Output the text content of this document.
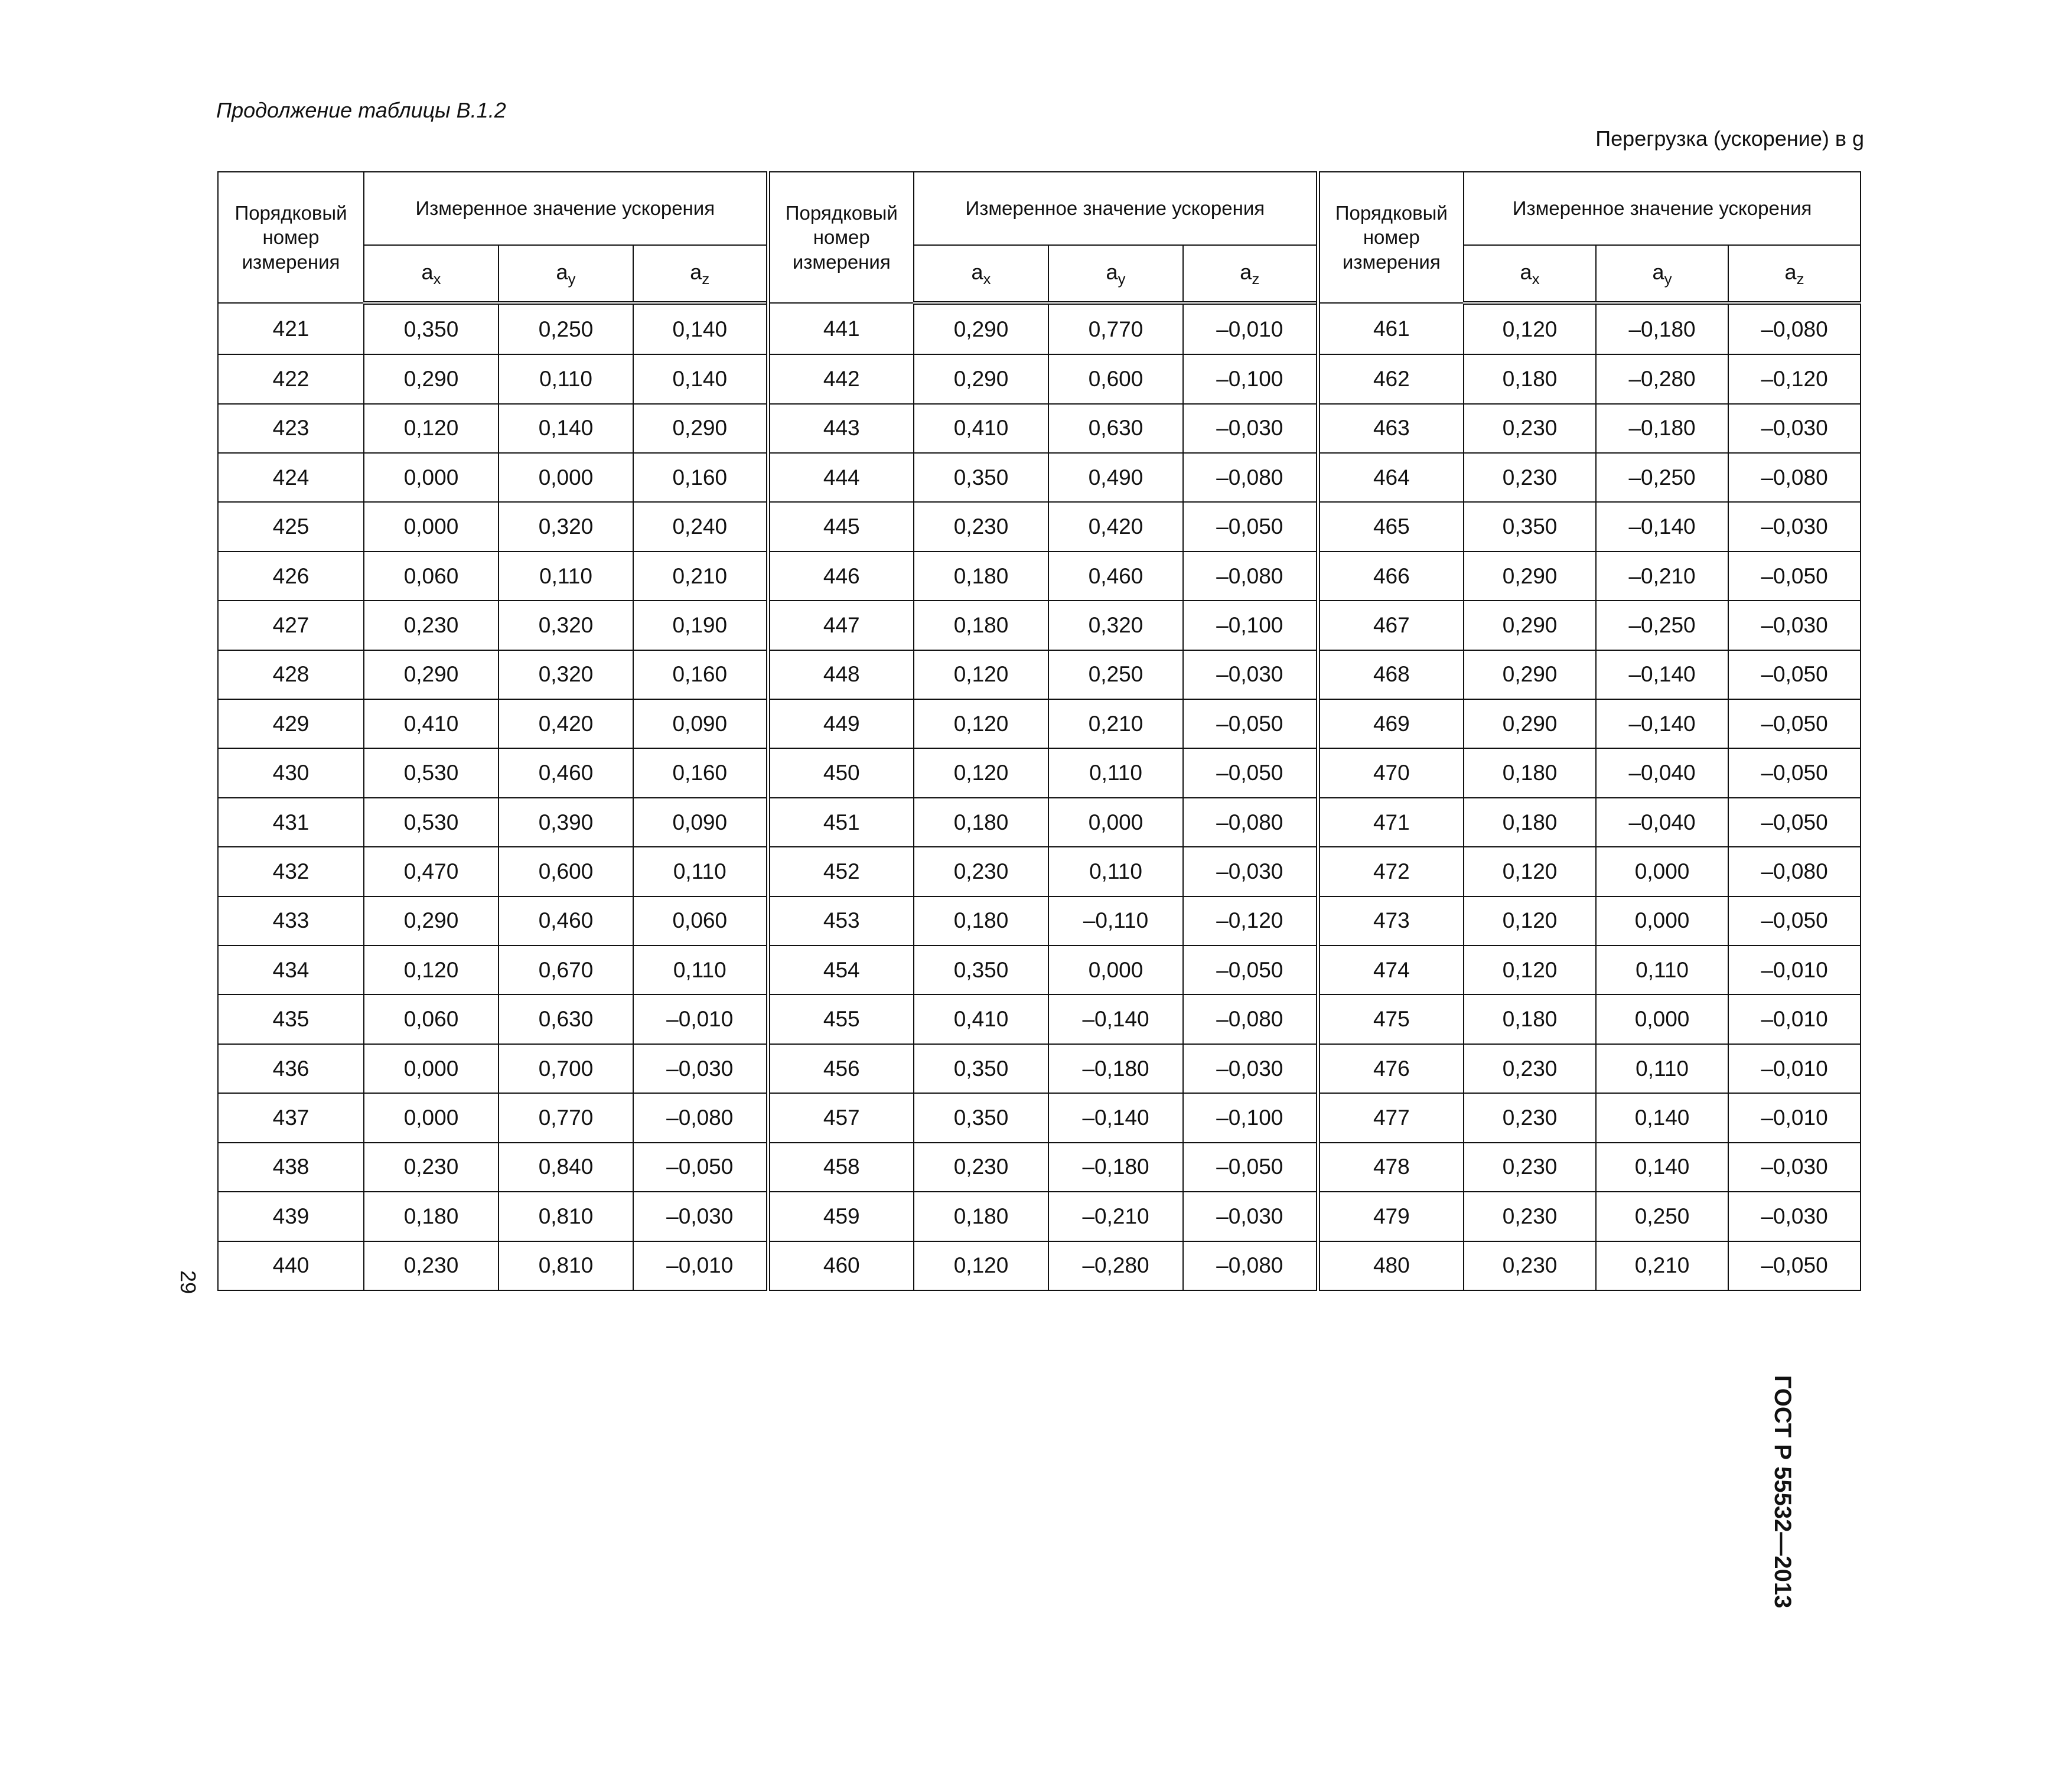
Продолжение таблицы В.1.2
Перегрузка (ускорение) в g
Порядковый номер измерения	Измеренное значение ускорения			Порядковый номер измерения	Измеренное значение ускорения			Порядковый номер измерения	Измеренное значение ускорения		
	$a_x$	$a_y$	$a_z$		$a_x$	$a_y$	$a_z$		$a_x$	$a_y$	$a_z$
421	0,350	0,250	0,140	441	0,290	0,770	–0,010	461	0,120	–0,180	–0,080
422	0,290	0,110	0,140	442	0,290	0,600	–0,100	462	0,180	–0,280	–0,120
423	0,120	0,140	0,290	443	0,410	0,630	–0,030	463	0,230	–0,180	–0,030
424	0,000	0,000	0,160	444	0,350	0,490	–0,080	464	0,230	–0,250	–0,080
425	0,000	0,320	0,240	445	0,230	0,420	–0,050	465	0,350	–0,140	–0,030
426	0,060	0,110	0,210	446	0,180	0,460	–0,080	466	0,290	–0,210	–0,050
427	0,230	0,320	0,190	447	0,180	0,320	–0,100	467	0,290	–0,250	–0,030
428	0,290	0,320	0,160	448	0,120	0,250	–0,030	468	0,290	–0,140	–0,050
429	0,410	0,420	0,090	449	0,120	0,210	–0,050	469	0,290	–0,140	–0,050
430	0,530	0,460	0,160	450	0,120	0,110	–0,050	470	0,180	–0,040	–0,050
431	0,530	0,390	0,090	451	0,180	0,000	–0,080	471	0,180	–0,040	–0,050
432	0,470	0,600	0,110	452	0,230	0,110	–0,030	472	0,120	0,000	–0,080
433	0,290	0,460	0,060	453	0,180	–0,110	–0,120	473	0,120	0,000	–0,050
434	0,120	0,670	0,110	454	0,350	0,000	–0,050	474	0,120	0,110	–0,010
435	0,060	0,630	–0,010	455	0,410	–0,140	–0,080	475	0,180	0,000	–0,010
436	0,000	0,700	–0,030	456	0,350	–0,180	–0,030	476	0,230	0,110	–0,010
437	0,000	0,770	–0,080	457	0,350	–0,140	–0,100	477	0,230	0,140	–0,010
438	0,230	0,840	–0,050	458	0,230	–0,180	–0,050	478	0,230	0,140	–0,030
439	0,180	0,810	–0,030	459	0,180	–0,210	–0,030	479	0,230	0,250	–0,030
440	0,230	0,810	–0,010	460	0,120	–0,280	–0,080	480	0,230	0,210	–0,050
29
ГОСТ Р 55532—2013
